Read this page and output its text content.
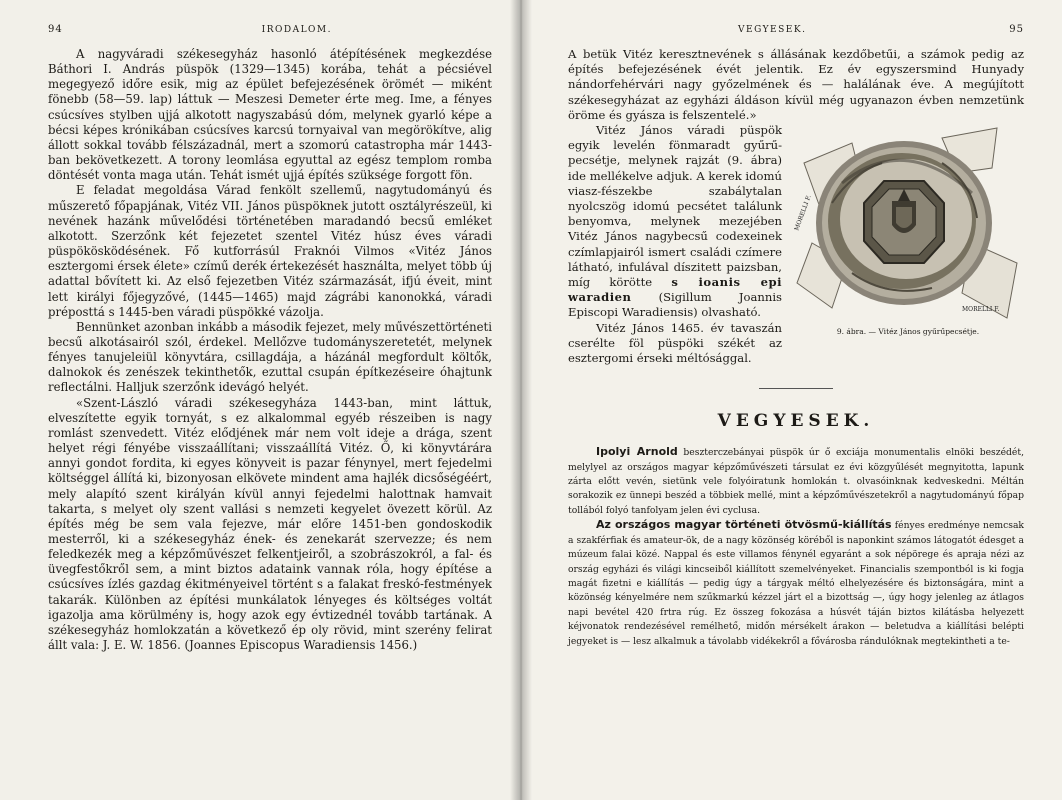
94	IRODALOM.

A nagyváradi székesegyház hasonló átépítésének megkezdése Báthori I. András püspök (1329—1345) korába, tehát a pécsiével megegyező időre esik, mig az épület befejezésének örömét — miként fönebb (58—59. lap) láttuk — Meszesi Demeter érte meg. Ime, a fényes csúcsíves stylben ujjá alkotott nagyszabású dóm, melynek gyarló képe a bécsi képes krónikában csúcsíves karcsú tornyaival van megörökítve, alig állott sokkal tovább félszázadnál, mert a szomorú catastropha már 1443-ban bekövetkezett. A torony leomlása egyuttal az egész templom romba döntését vonta maga után. Tehát ismét ujjá építés szüksége forgott fön.

E feladat megoldása Várad fenkölt szellemű, nagytudományú és műszerető főpapjának, Vitéz VII. János püspöknek jutott osztályrészeül, ki nevének hazánk művelődési történetében maradandó becsű emléket alkotott. Szerzőnk két fejezetet szentel Vitéz húsz éves váradi püspökösködésének. Fő kutforrásúl Fraknói Vilmos «Vitéz János esztergomi érsek élete» czímű derék értekezését használta, melyet több új adattal bővített ki. Az első fejezetben Vitéz származását, ifjú éveit, mint lett királyi főjegyzővé, (1445—1465) majd zágrábi kanonokká, váradi préposttá s 1445-ben váradi püspökké vázolja.

Bennünket azonban inkább a második fejezet, mely művészettörténeti becsű alkotásairól szól, érdekel. Mellőzve tudományszeretetét, melynek fényes tanujeleiül könyvtára, csillagdája, a házánál megfordult költők, dalnokok és zenészek tekinthetők, ezuttal csupán építkezéseire óhajtunk reflectálni. Halljuk szerzőnk idevágó helyét.

«Szent-László váradi székesegyháza 1443-ban, mint láttuk, elveszítette egyik tornyát, s ez alkalommal egyéb részeiben is nagy romlást szenvedett. Vitéz elődjének már nem volt ideje a drága, szent helyet régi fényébe visszaállítani; visszaállítá Vitéz. Ő, ki könyvtárára annyi gondot fordita, ki egyes könyveit is pazar fénynyel, mert fejedelmi költséggel állítá ki, bizonyosan elkövete mindent ama hajlék dicsőségéért, mely alapító szent királyán kívül annyi fejedelmi halottnak hamvait takarta, s melyet oly szent vallási s nemzeti kegyelet övezett körül. Az építés még be sem vala fejezve, már előre 1451-ben gondoskodik mesterről, ki a székesegyház ének- és zenekarát szervezze; és nem feledkezék meg a képzőművészet felkentjeiről, a szobrászokról, a fal- és üvegfestőkről sem, a mint biztos adataink vannak róla, hogy építése a csúcsíves ízlés gazdag ékitményeivel történt s a falakat freskó-festmények takarák. Különben az építési munkálatok lényeges és költséges voltát igazolja ama körülmény is, hogy azok egy évtizednél tovább tartának. A székesegyház homlokzatán a következő ép oly rövid, mint szerény felirat állt vala: J. E. W. 1856. (Joannes Episcopus Waradiensis 1456.)

VEGYESEK.	95

A betük Vitéz keresztnevének s állásának kezdőbetűi, a számok pedig az építés befejezésének évét jelentik. Ez év egyszersmind Hunyady nándorfehérvári nagy győzelmének és — halálának éve. A megújított székesegyházat az egyházi áldáson kívül még ugyanazon évben nemzetünk öröme és gyásza is felszentelé.»

MORELLI F.
MORELLI F.
9. ábra. — Vitéz János gyűrűpecsétje.

Vitéz János váradi püspök egyik levelén fönmaradt gyűrű-pecsétje, melynek rajzát (9. ábra) ide mellékelve adjuk. A kerek idomú viasz-fészekbe szabálytalan nyolcszög idomú pecsétet találunk benyomva, melynek mezejében Vitéz János nagybecsű codexeinek czímlapjairól ismert családi czímere látható, infulával díszitett paizsban, míg körötte s ioanis epi waradien (Sigillum Joannis Episcopi Waradiensis) olvasható.

Vitéz János 1465. év tavaszán cserélte föl püspöki székét az esztergomi érseki méltósággal.

VEGYESEK.

Ipolyi Arnold beszterczebányai püspök úr ő exciája monumentalis elnöki beszédét, melylyel az országos magyar képzőművészeti társulat ez évi közgyűlését megnyitotta, lapunk zárta előtt vevén, sietünk vele folyóiratunk homlokán t. olvasóinknak kedveskedni. Méltán sorakozik ez ünnepi beszéd a többiek mellé, mint a képzőművészetekről a nagytudományú főpap tollából folyó tanfolyam jelen évi cyclusa.

Az országos magyar történeti ötvösmű-kiállítás fényes eredménye nemcsak a szakférfiak és amateur-ök, de a nagy közönség köréből is naponkint számos látogatót édesget a múzeum falai közé. Nappal és este villamos fénynél egyaránt a sok népörege és apraja nézi az ország egyházi és világi kincseiből kiállított szemelvényeket. Financialis szempontból is ki fogja magát fizetni e kiállítás — pedig úgy a tárgyak méltó elhelyezésére és biztonságára, mint a közönség kényelmére nem szűkmarkú kézzel járt el a bizottság —, úgy hogy jelenleg az átlagos napi bevétel 420 frtra rúg. Ez összeg fokozása a húsvét táján biztos kilátásba helyezett kéjvonatok rendezésével remélhető, midőn mérsékelt árakon — beletudva a kiállítási belépti jegyeket is — lesz alkalmuk a távolabb vidékekről a fővárosba rándulóknak megtekintheti a te-
